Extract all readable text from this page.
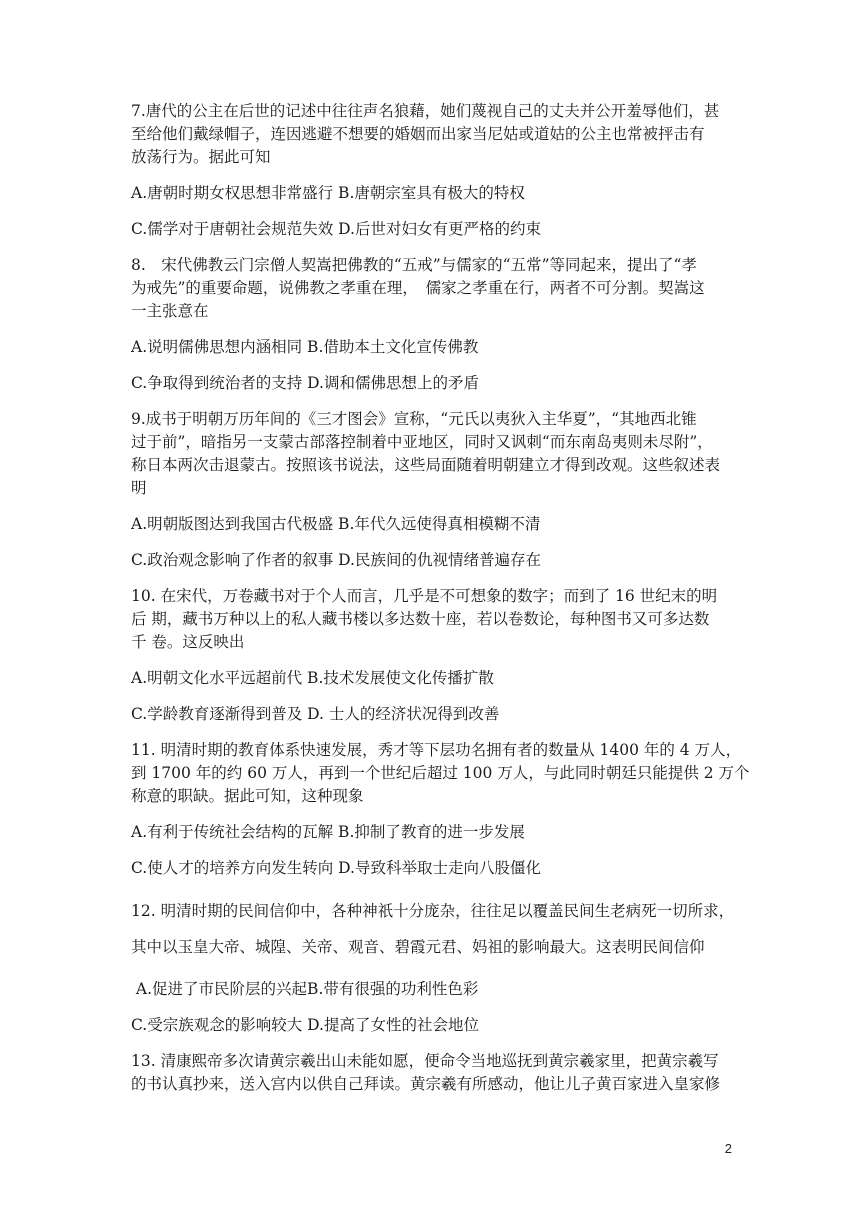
7.唐代的公主在后世的记述中往往声名狼藉，她们蔑视自己的丈夫并公开羞辱他们，甚
至给他们戴绿帽子，连因逃避不想要的婚姻而出家当尼姑或道姑的公主也常被抨击有
放荡行为。据此可知

A.唐朝时期女权思想非常盛行 B.唐朝宗室具有极大的特权

C.儒学对于唐朝社会规范失效 D.后世对妇女有更严格的约束

8.　宋代佛教云门宗僧人契嵩把佛教的“五戒”与儒家的“五常”等同起来，提出了“孝
为戒先”的重要命题，说佛教之孝重在理，　儒家之孝重在行，两者不可分割。契嵩这
一主张意在

A.说明儒佛思想内涵相同 B.借助本土文化宣传佛教

C.争取得到统治者的支持 D.调和儒佛思想上的矛盾

9.成书于明朝万历年间的《三才图会》宣称，“元氏以夷狄入主华夏”，“其地西北锥
过于前”，暗指另一支蒙古部落控制着中亚地区，同时又讽刺“而东南岛夷则未尽附”，
称日本两次击退蒙古。按照该书说法，这些局面随着明朝建立才得到改观。这些叙述表
明

A.明朝版图达到我国古代极盛 B.年代久远使得真相模糊不清

C.政治观念影响了作者的叙事 D.民族间的仇视情绪普遍存在

10. 在宋代，万卷藏书对于个人而言，几乎是不可想象的数字；而到了 16 世纪末的明
后 期，藏书万种以上的私人藏书楼以多达数十座，若以卷数论，每种图书又可多达数
千 卷。这反映出

A.明朝文化水平远超前代 B.技术发展使文化传播扩散

C.学龄教育逐渐得到普及 D. 士人的经济状况得到改善

11. 明清时期的教育体系快速发展，秀才等下层功名拥有者的数量从 1400 年的 4 万人，
到 1700 年的约 60 万人，再到一个世纪后超过 100 万人，与此同时朝廷只能提供 2 万个
称意的职缺。据此可知，这种现象

A.有利于传统社会结构的瓦解 B.抑制了教育的进一步发展

C.使人才的培养方向发生转向 D.导致科举取士走向八股僵化

12. 明清时期的民间信仰中，各种神祇十分庞杂，往往足以覆盖民间生老病死一切所求，
其中以玉皇大帝、城隍、关帝、观音、碧霞元君、妈祖的影响最大。这表明民间信仰

A.促进了市民阶层的兴起B.带有很强的功利性色彩

C.受宗族观念的影响较大 D.提高了女性的社会地位

13. 清康熙帝多次请黄宗羲出山未能如愿，便命令当地巡抚到黄宗羲家里，把黄宗羲写
的书认真抄来，送入宫内以供自己拜读。黄宗羲有所感动，他让儿子黄百家进入皇家修

2
